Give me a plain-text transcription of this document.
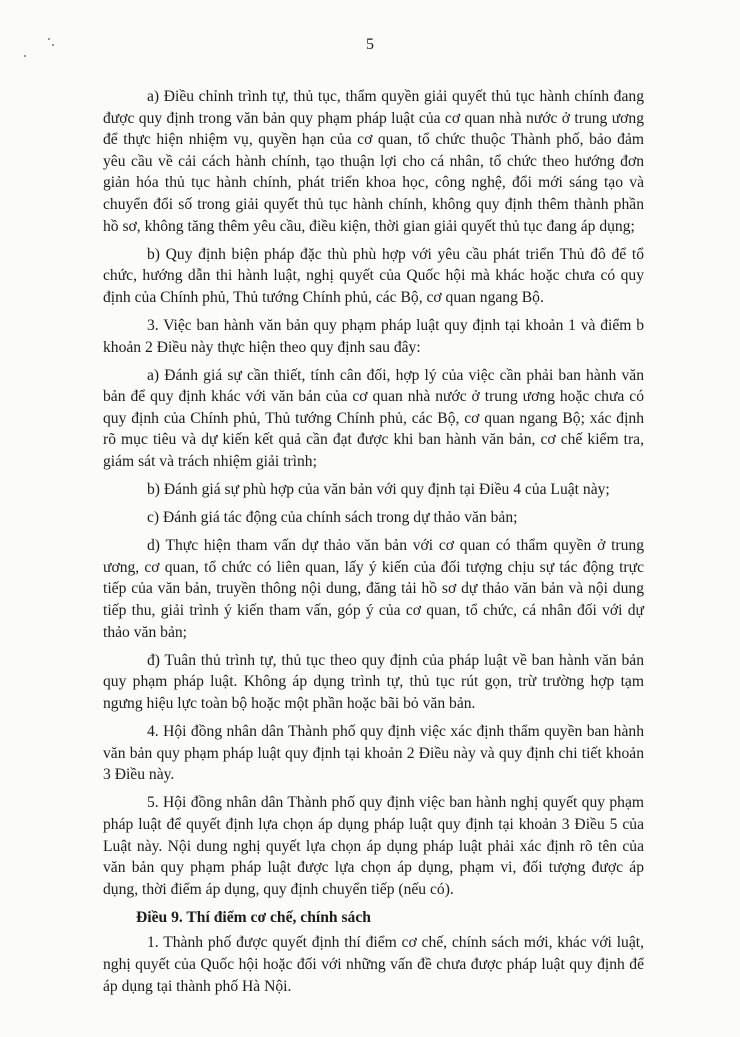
5

a) Điều chỉnh trình tự, thủ tục, thẩm quyền giải quyết thủ tục hành chính đang được quy định trong văn bản quy phạm pháp luật của cơ quan nhà nước ở trung ương để thực hiện nhiệm vụ, quyền hạn của cơ quan, tổ chức thuộc Thành phố, bảo đảm yêu cầu về cải cách hành chính, tạo thuận lợi cho cá nhân, tổ chức theo hướng đơn giản hóa thủ tục hành chính, phát triển khoa học, công nghệ, đổi mới sáng tạo và chuyển đổi số trong giải quyết thủ tục hành chính, không quy định thêm thành phần hồ sơ, không tăng thêm yêu cầu, điều kiện, thời gian giải quyết thủ tục đang áp dụng;

b) Quy định biện pháp đặc thù phù hợp với yêu cầu phát triển Thủ đô để tổ chức, hướng dẫn thi hành luật, nghị quyết của Quốc hội mà khác hoặc chưa có quy định của Chính phủ, Thủ tướng Chính phủ, các Bộ, cơ quan ngang Bộ.

3. Việc ban hành văn bản quy phạm pháp luật quy định tại khoản 1 và điểm b khoản 2 Điều này thực hiện theo quy định sau đây:

a) Đánh giá sự cần thiết, tính cân đối, hợp lý của việc cần phải ban hành văn bản để quy định khác với văn bản của cơ quan nhà nước ở trung ương hoặc chưa có quy định của Chính phủ, Thủ tướng Chính phủ, các Bộ, cơ quan ngang Bộ; xác định rõ mục tiêu và dự kiến kết quả cần đạt được khi ban hành văn bản, cơ chế kiểm tra, giám sát và trách nhiệm giải trình;

b) Đánh giá sự phù hợp của văn bản với quy định tại Điều 4 của Luật này;

c) Đánh giá tác động của chính sách trong dự thảo văn bản;

d) Thực hiện tham vấn dự thảo văn bản với cơ quan có thẩm quyền ở trung ương, cơ quan, tổ chức có liên quan, lấy ý kiến của đối tượng chịu sự tác động trực tiếp của văn bản, truyền thông nội dung, đăng tải hồ sơ dự thảo văn bản và nội dung tiếp thu, giải trình ý kiến tham vấn, góp ý của cơ quan, tổ chức, cá nhân đối với dự thảo văn bản;

đ) Tuân thủ trình tự, thủ tục theo quy định của pháp luật về ban hành văn bản quy phạm pháp luật. Không áp dụng trình tự, thủ tục rút gọn, trừ trường hợp tạm ngưng hiệu lực toàn bộ hoặc một phần hoặc bãi bỏ văn bản.

4. Hội đồng nhân dân Thành phố quy định việc xác định thẩm quyền ban hành văn bản quy phạm pháp luật quy định tại khoản 2 Điều này và quy định chi tiết khoản 3 Điều này.

5. Hội đồng nhân dân Thành phố quy định việc ban hành nghị quyết quy phạm pháp luật để quyết định lựa chọn áp dụng pháp luật quy định tại khoản 3 Điều 5 của Luật này. Nội dung nghị quyết lựa chọn áp dụng pháp luật phải xác định rõ tên của văn bản quy phạm pháp luật được lựa chọn áp dụng, phạm vi, đối tượng được áp dụng, thời điểm áp dụng, quy định chuyển tiếp (nếu có).

Điều 9. Thí điểm cơ chế, chính sách

1. Thành phố được quyết định thí điểm cơ chế, chính sách mới, khác với luật, nghị quyết của Quốc hội hoặc đối với những vấn đề chưa được pháp luật quy định để áp dụng tại thành phố Hà Nội.
